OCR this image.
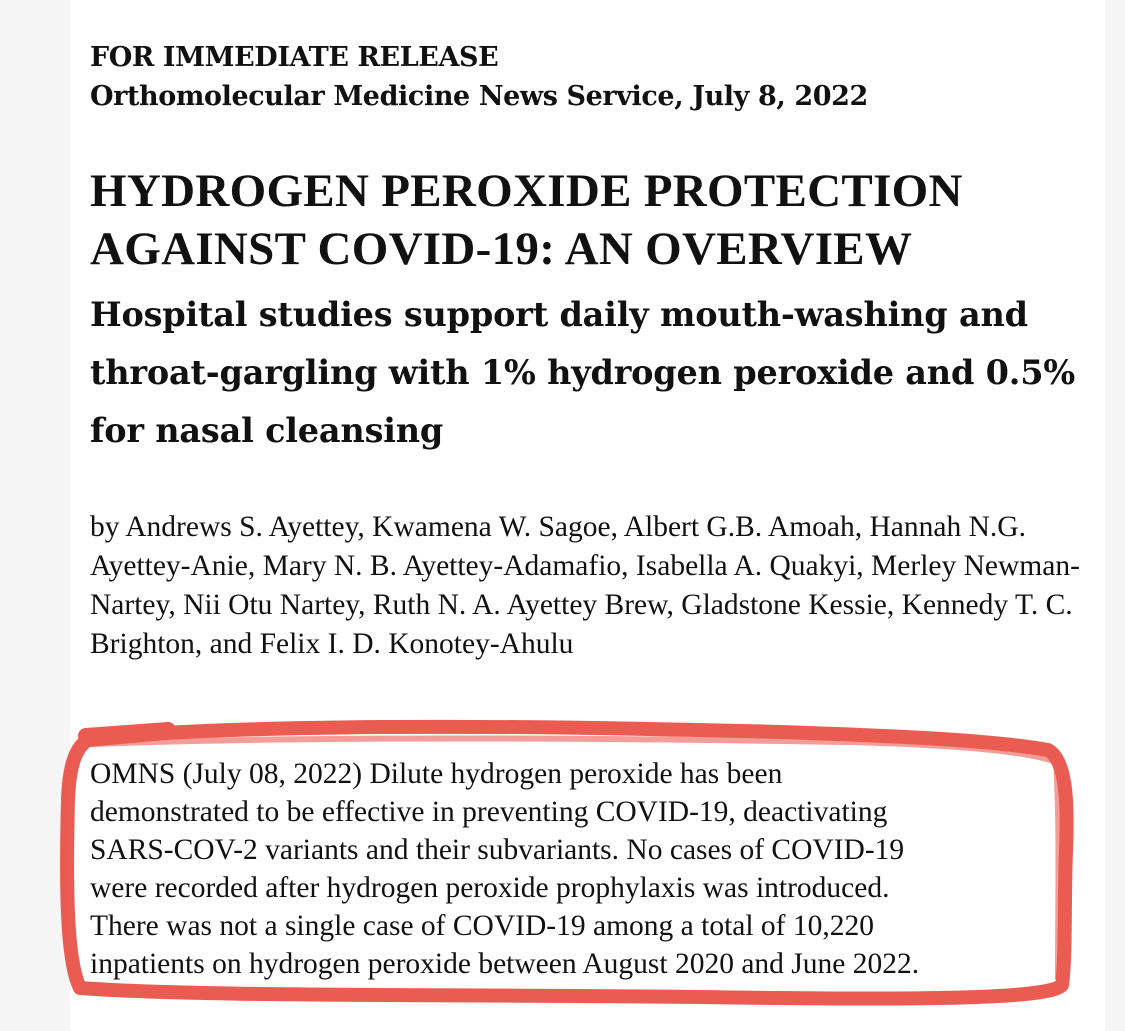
FOR IMMEDIATE RELEASE
Orthomolecular Medicine News Service, July 8, 2022
HYDROGEN PEROXIDE PROTECTION AGAINST COVID-19: AN OVERVIEW
Hospital studies support daily mouth-washing and throat-gargling with 1% hydrogen peroxide and 0.5% for nasal cleansing

by Andrews S. Ayettey, Kwamena W. Sagoe, Albert G.B. Amoah, Hannah N.G. Ayettey-Anie, Mary N. B. Ayettey-Adamafio, Isabella A. Quakyi, Merley Newman-Nartey, Nii Otu Nartey, Ruth N. A. Ayettey Brew, Gladstone Kessie, Kennedy T. C. Brighton, and Felix I. D. Konotey-Ahulu

OMNS (July 08, 2022) Dilute hydrogen peroxide has been
demonstrated to be effective in preventing COVID-19, deactivating
SARS-COV-2 variants and their subvariants. No cases of COVID-19
were recorded after hydrogen peroxide prophylaxis was introduced.
There was not a single case of COVID-19 among a total of 10,220
inpatients on hydrogen peroxide between August 2020 and June 2022.
